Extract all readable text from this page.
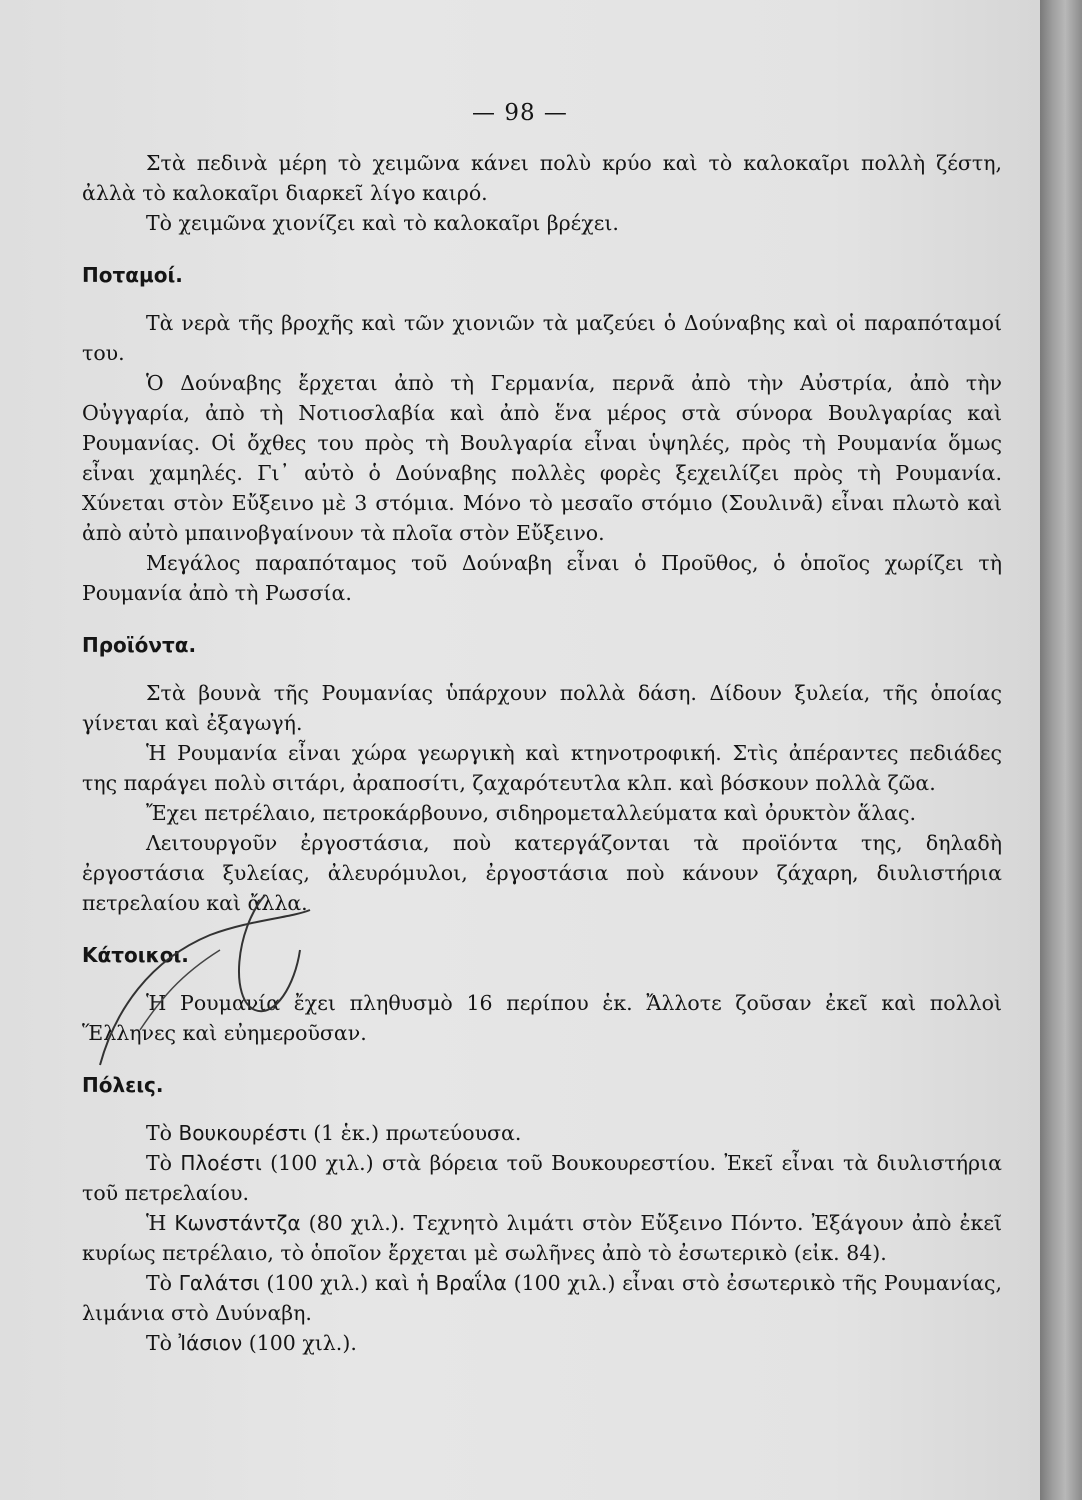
— 98 —

Στὰ πεδινὰ μέρη τὸ χειμῶνα κάνει πολὺ κρύο καὶ τὸ καλοκαῖρι πολλὴ ζέστη, ἀλλὰ τὸ καλοκαῖρι διαρκεῖ λίγο καιρό.

Τὸ χειμῶνα χιονίζει καὶ τὸ καλοκαῖρι βρέχει.

Ποταμοί.

Τὰ νερὰ τῆς βροχῆς καὶ τῶν χιονιῶν τὰ μαζεύει ὁ Δούναβης καὶ οἱ παραπόταμοί του.

Ὁ Δούναβης ἔρχεται ἀπὸ τὴ Γερμανία, περνᾶ ἀπὸ τὴν Αὐστρία, ἀπὸ τὴν Οὐγγαρία, ἀπὸ τὴ Νοτιοσλαβία καὶ ἀπὸ ἕνα μέρος στὰ σύνορα Βουλγαρίας καὶ Ρουμανίας. Οἱ ὄχθες του πρὸς τὴ Βουλγαρία εἶναι ὑψηλές, πρὸς τὴ Ρουμανία ὅμως εἶναι χαμηλές. Γι᾿ αὐτὸ ὁ Δούναβης πολλὲς φορὲς ξεχειλίζει πρὸς τὴ Ρουμανία. Χύνεται στὸν Εὔξεινο μὲ 3 στόμια. Μόνο τὸ μεσαῖο στόμιο (Σουλινᾶ) εἶναι πλωτὸ καὶ ἀπὸ αὐτὸ μπαινοβγαίνουν τὰ πλοῖα στὸν Εὔξεινο.

Μεγάλος παραπόταμος τοῦ Δούναβη εἶναι ὁ Προῦθος, ὁ ὁποῖος χωρίζει τὴ Ρουμανία ἀπὸ τὴ Ρωσσία.

Προϊόντα.

Στὰ βουνὰ τῆς Ρουμανίας ὑπάρχουν πολλὰ δάση. Δίδουν ξυλεία, τῆς ὁποίας γίνεται καὶ ἐξαγωγή.

Ἡ Ρουμανία εἶναι χώρα γεωργικὴ καὶ κτηνοτροφική. Στὶς ἀπέραντες πεδιάδες της παράγει πολὺ σιτάρι, ἀραποσίτι, ζαχαρότευτλα κλπ. καὶ βόσκουν πολλὰ ζῶα.

Ἔχει πετρέλαιο, πετροκάρβουνο, σιδηρομεταλλεύματα καὶ ὀρυκτὸν ἅλας.

Λειτουργοῦν ἐργοστάσια, ποὺ κατεργάζονται τὰ προϊόντα της, δηλαδὴ ἐργοστάσια ξυλείας, ἀλευρόμυλοι, ἐργοστάσια ποὺ κάνουν ζάχαρη, διυλιστήρια πετρελαίου καὶ ἄλλα.

Κάτοικοι.

Ἡ Ρουμανία ἔχει πληθυσμὸ 16 περίπου ἑκ. Ἄλλοτε ζοῦσαν ἐκεῖ καὶ πολλοὶ Ἕλληνες καὶ εὐημεροῦσαν.

Πόλεις.

Τὸ Βουκουρέστι (1 ἑκ.) πρωτεύουσα.

Τὸ Πλοέστι (100 χιλ.) στὰ βόρεια τοῦ Βουκουρεστίου. Ἐκεῖ εἶναι τὰ διυλιστήρια τοῦ πετρελαίου.

Ἡ Κωνστάντζα (80 χιλ.). Τεχνητὸ λιμάτι στὸν Εὔξεινο Πόντο. Ἐξάγουν ἀπὸ ἐκεῖ κυρίως πετρέλαιο, τὸ ὁποῖον ἔρχεται μὲ σωλῆνες ἀπὸ τὸ ἐσωτερικὸ (εἰκ. 84).

Τὸ Γαλάτσι (100 χιλ.) καὶ ἡ Βραΐλα (100 χιλ.) εἶναι στὸ ἐσωτερικὸ τῆς Ρουμανίας, λιμάνια στὸ Δυύναβη.

Τὸ Ἰάσιον (100 χιλ.).
